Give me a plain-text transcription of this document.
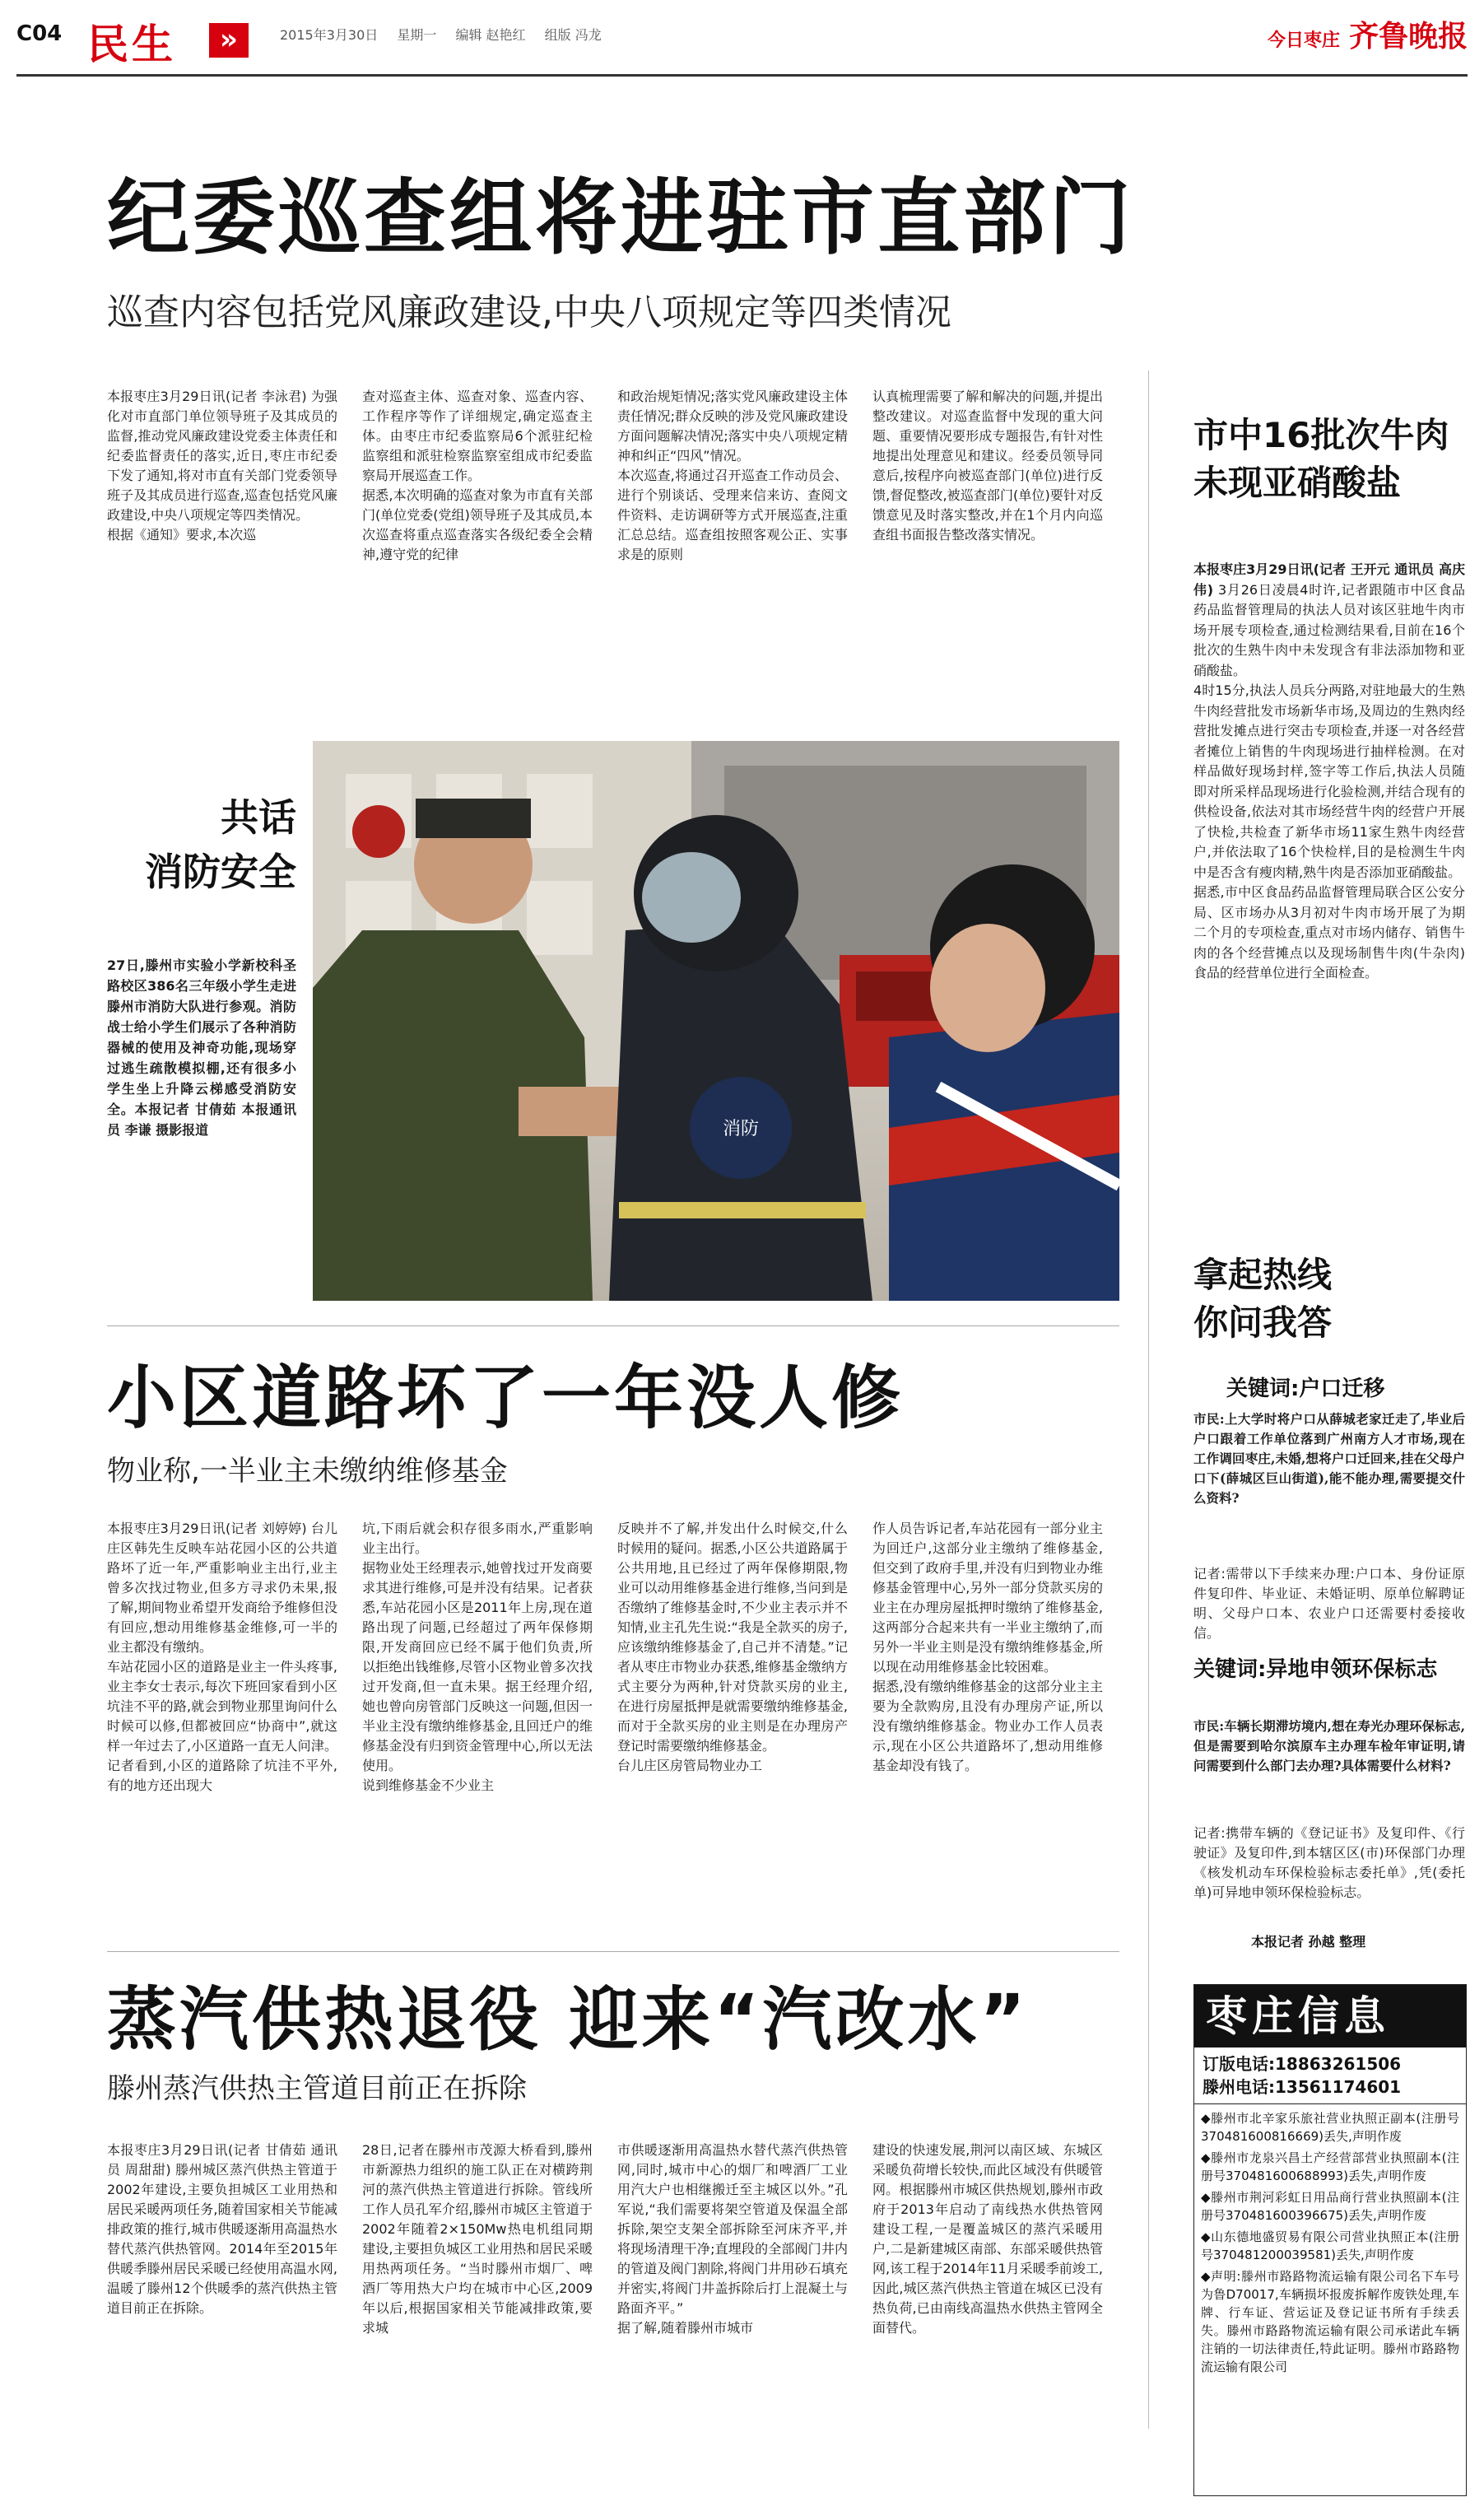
C04 民生	»	2015年3月30日 星期一 编辑 赵艳红 组版 冯龙	今日枣庄 齐鲁晚报
纪委巡查组将进驻市直部门
巡查内容包括党风廉政建设,中央八项规定等四类情况
本报枣庄3月29日讯(记者 李泳君) 为强化对市直部门单位领导班子及其成员的监督,推动党风廉政建设党委主体责任和纪委监督责任的落实,近日,枣庄市纪委下发了通知,将对市直有关部门党委领导班子及其成员进行巡查,巡查包括党风廉政建设,中央八项规定等四类情况。
根据《通知》要求,本次巡
查对巡查主体、巡查对象、巡查内容、工作程序等作了详细规定,确定巡查主体。由枣庄市纪委监察局6个派驻纪检监察组和派驻检察监察室组成市纪委监察局开展巡查工作。
据悉,本次明确的巡查对象为市直有关部门(单位党委(党组)领导班子及其成员,本次巡查将重点巡查落实各级纪委全会精神,遵守党的纪律
和政治规矩情况;落实党风廉政建设主体责任情况;群众反映的涉及党风廉政建设方面问题解决情况;落实中央八项规定精神和纠正“四风”情况。
本次巡查,将通过召开巡查工作动员会、进行个别谈话、受理来信来访、查阅文件资料、走访调研等方式开展巡查,注重汇总总结。巡查组按照客观公正、实事求是的原则
认真梳理需要了解和解决的问题,并提出整改建议。对巡查监督中发现的重大问题、重要情况要形成专题报告,有针对性地提出处理意见和建议。经委员领导同意后,按程序向被巡查部门(单位)进行反馈,督促整改,被巡查部门(单位)要针对反馈意见及时落实整改,并在1个月内向巡查组书面报告整改落实情况。
共话
消防安全
27日,滕州市实验小学新校科圣路校区386名三年级小学生走进滕州市消防大队进行参观。消防战士给小学生们展示了各种消防器械的使用及神奇功能,现场穿过逃生疏散模拟棚,还有很多小学生坐上升降云梯感受消防安全。本报记者 甘倩茹 本报通讯员 李谦 摄影报道	消防
市中16批次牛肉
未现亚硝酸盐
本报枣庄3月29日讯(记者 王开元 通讯员 高庆伟) 3月26日凌晨4时许,记者跟随市中区食品药品监督管理局的执法人员对该区驻地牛肉市场开展专项检查,通过检测结果看,目前在16个批次的生熟牛肉中未发现含有非法添加物和亚硝酸盐。
4时15分,执法人员兵分两路,对驻地最大的生熟牛肉经营批发市场新华市场,及周边的生熟肉经营批发摊点进行突击专项检查,并逐一对各经营者摊位上销售的牛肉现场进行抽样检测。在对样品做好现场封样,签字等工作后,执法人员随即对所采样品现场进行化验检测,并结合现有的供检设备,依法对其市场经营牛肉的经营户开展了快检,共检查了新华市场11家生熟牛肉经营户,并依法取了16个快检样,目的是检测生牛肉中是否含有瘦肉精,熟牛肉是否添加亚硝酸盐。
据悉,市中区食品药品监督管理局联合区公安分局、区市场办从3月初对牛肉市场开展了为期二个月的专项检查,重点对市场内储存、销售牛肉的各个经营摊点以及现场制售牛肉(牛杂肉)食品的经营单位进行全面检查。
拿起热线
你问我答
关键词:户口迁移
市民:上大学时将户口从薛城老家迁走了,毕业后户口跟着工作单位落到广州南方人才市场,现在工作调回枣庄,未婚,想将户口迁回来,挂在父母户口下(薛城区巨山街道),能不能办理,需要提交什么资料?
记者:需带以下手续来办理:户口本、身份证原件复印件、毕业证、未婚证明、原单位解聘证明、父母户口本、农业户口还需要村委接收信。
关键词:异地申领环保标志
市民:车辆长期滞坊境内,想在寿光办理环保标志,但是需要到哈尔滨原车主办理车检年审证明,请问需要到什么部门去办理?具体需要什么材料?
记者:携带车辆的《登记证书》及复印件、《行驶证》及复印件,到本辖区区(市)环保部门办理《核发机动车环保检验标志委托单》,凭(委托单)可异地申领环保检验标志。
本报记者 孙越 整理
小区道路坏了一年没人修
物业称,一半业主未缴纳维修基金
本报枣庄3月29日讯(记者 刘婷婷) 台儿庄区韩先生反映车站花园小区的公共道路坏了近一年,严重影响业主出行,业主曾多次找过物业,但多方寻求仍未果,报了解,期间物业希望开发商给予维修但没有回应,想动用维修基金维修,可一半的业主都没有缴纳。
车站花园小区的道路是业主一件头疼事,业主李女士表示,每次下班回家看到小区坑洼不平的路,就会到物业那里询问什么时候可以修,但都被回应“协商中”,就这样一年过去了,小区道路一直无人问津。记者看到,小区的道路除了坑洼不平外,有的地方还出现大
坑,下雨后就会积存很多雨水,严重影响业主出行。
据物业处王经理表示,她曾找过开发商要求其进行维修,可是并没有结果。记者获悉,车站花园小区是2011年上房,现在道路出现了问题,已经超过了两年保修期限,开发商回应已经不属于他们负责,所以拒绝出钱维修,尽管小区物业曾多次找过开发商,但一直未果。据王经理介绍,她也曾向房管部门反映这一问题,但因一半业主没有缴纳维修基金,且回迁户的维修基金没有归到资金管理中心,所以无法使用。
说到维修基金不少业主
反映并不了解,并发出什么时候交,什么时候用的疑问。据悉,小区公共道路属于公共用地,且已经过了两年保修期限,物业可以动用维修基金进行维修,当问到是否缴纳了维修基金时,不少业主表示并不知情,业主孔先生说:“我是全款买的房子,应该缴纳维修基金了,自己并不清楚。”记者从枣庄市物业办获悉,维修基金缴纳方式主要分为两种,针对贷款买房的业主,在进行房屋抵押是就需要缴纳维修基金,而对于全款买房的业主则是在办理房产登记时需要缴纳维修基金。
台儿庄区房管局物业办工
作人员告诉记者,车站花园有一部分业主为回迁户,这部分业主缴纳了维修基金,但交到了政府手里,并没有归到物业办维修基金管理中心,另外一部分贷款买房的业主在办理房屋抵押时缴纳了维修基金,这两部分合起来共有一半业主缴纳了,而另外一半业主则是没有缴纳维修基金,所以现在动用维修基金比较困难。
据悉,没有缴纳维修基金的这部分业主主要为全款购房,且没有办理房产证,所以没有缴纳维修基金。物业办工作人员表示,现在小区公共道路坏了,想动用维修基金却没有钱了。
蒸汽供热退役 迎来“汽改水”
滕州蒸汽供热主管道目前正在拆除
本报枣庄3月29日讯(记者 甘倩茹 通讯员 周甜甜) 滕州城区蒸汽供热主管道于2002年建设,主要负担城区工业用热和居民采暖两项任务,随着国家相关节能减排政策的推行,城市供暖逐渐用高温热水替代蒸汽供热管网。2014年至2015年供暖季滕州居民采暖已经使用高温水网,温暖了滕州12个供暖季的蒸汽供热主管道目前正在拆除。
28日,记者在滕州市茂源大桥看到,滕州市新源热力组织的施工队正在对横跨荆河的蒸汽供热主管道进行拆除。管线所工作人员孔军介绍,滕州市城区主管道于2002年随着2×150Mw热电机组同期建设,主要担负城区工业用热和居民采暖用热两项任务。“当时滕州市烟厂、啤酒厂等用热大户均在城市中心区,2009年以后,根据国家相关节能减排政策,要求城
市供暖逐渐用高温热水替代蒸汽供热管网,同时,城市中心的烟厂和啤酒厂工业用汽大户也相继搬迁至主城区以外。”孔军说,“我们需要将架空管道及保温全部拆除,架空支架全部拆除至河床齐平,并将现场清理干净;直埋段的全部阀门井内的管道及阀门割除,将阀门井用砂石填充并密实,将阀门井盖拆除后打上混凝土与路面齐平。”
据了解,随着滕州市城市
建设的快速发展,荆河以南区域、东城区采暖负荷增长较快,而此区域没有供暖管网。根据滕州市城区供热规划,滕州市政府于2013年启动了南线热水供热管网建设工程,一是覆盖城区的蒸汽采暖用户,二是新建城区南部、东部采暖供热管网,该工程于2014年11月采暖季前竣工,因此,城区蒸汽供热主管道在城区已没有热负荷,已由南线高温热水供热主管网全面替代。
枣庄信息
订版电话:18863261506
滕州电话:13561174601
◆滕州市北辛家乐旅社营业执照正副本(注册号370481600816669)丢失,声明作废
◆滕州市龙泉兴昌土产经营部营业执照副本(注册号370481600688993)丢失,声明作废
◆滕州市荆河彩虹日用品商行营业执照副本(注册号370481600396675)丢失,声明作废
◆山东德地盛贸易有限公司营业执照正本(注册号370481200039581)丢失,声明作废
◆声明:滕州市路路物流运输有限公司名下车号为鲁D70017,车辆损坏报废拆解作废铁处理,车牌、行车证、营运证及登记证书所有手续丢失。滕州市路路物流运输有限公司承诺此车辆注销的一切法律责任,特此证明。滕州市路路物流运输有限公司
